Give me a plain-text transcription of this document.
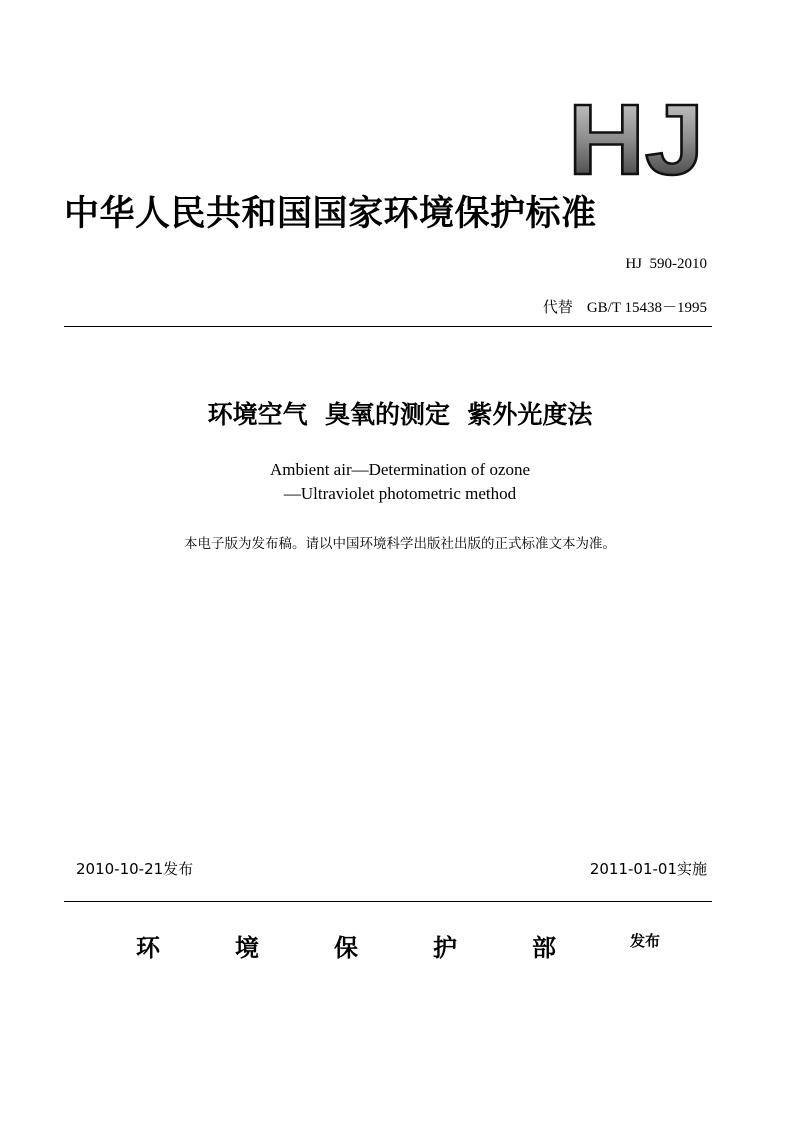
HJ
中华人民共和国国家环境保护标准
HJ  590-2010
代替 GB/T 15438－1995
环境空气  臭氧的测定  紫外光度法
Ambient air—Determination of ozone
—Ultraviolet photometric method
本电子版为发布稿。请以中国环境科学出版社出版的正式标准文本为准。
2010-10-21发布	2011-01-01实施
环	境	保	护	部	发布
